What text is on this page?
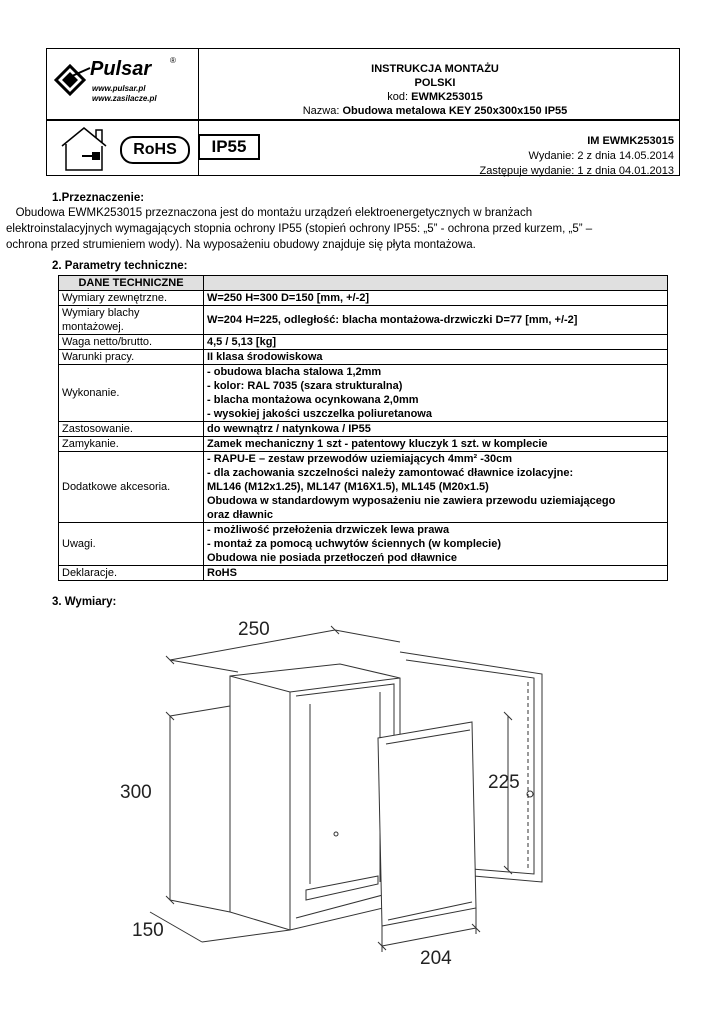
Pulsar ®
www.pulsar.pl
www.zasilacze.pl
INSTRUKCJA MONTAŻU
POLSKI
kod: EWMK253015
Nazwa: Obudowa metalowa KEY 250x300x150 IP55
RoHS	IP55	IM EWMK253015
Wydanie: 2 z dnia 14.05.2014
Zastępuje wydanie: 1 z dnia 04.01.2013
1.Przeznaczenie:
Obudowa EWMK253015 przeznaczona jest do montażu urządzeń elektroenergetycznych w branżach
elektroinstalacyjnych wymagających stopnia ochrony IP55 (stopień ochrony IP55: „5” - ochrona przed kurzem, „5” –
ochrona przed strumieniem wody). Na wyposażeniu obudowy znajduje się płyta montażowa.
2. Parametry techniczne:
DANE TECHNICZNE	
Wymiary zewnętrzne.	W=250 H=300 D=150 [mm, +/-2]

Wymiary blachy montażowej.	W=204 H=225, odległość: blacha montażowa-drzwiczki D=77 [mm, +/-2]

Waga netto/brutto.	4,5 / 5,13 [kg]

Warunki pracy.	II klasa środowiskowa

Wykonanie.	- obudowa blacha stalowa 1,2mm
- kolor: RAL 7035 (szara strukturalna)
- blacha montażowa ocynkowana 2,0mm
- wysokiej jakości uszczelka poliuretanowa

Zastosowanie.	do wewnątrz / natynkowa / IP55

Zamykanie.	Zamek mechaniczny 1 szt - patentowy kluczyk 1 szt. w komplecie

Dodatkowe akcesoria.	- RAPU-E – zestaw przewodów uziemiających 4mm² -30cm
- dla zachowania szczelności należy zamontować dławnice izolacyjne:
ML146 (M12x1.25), ML147 (M16X1.5), ML145 (M20x1.5)
Obudowa w standardowym wyposażeniu nie zawiera przewodu uziemiającego
oraz dławnic

Uwagi.	- możliwość przełożenia drzwiczek lewa prawa
- montaż za pomocą uchwytów ściennych (w komplecie)
Obudowa nie posiada przetłoczeń pod dławnice

Deklaracje.	RoHS
3. Wymiary:
250
300
150
225
204
